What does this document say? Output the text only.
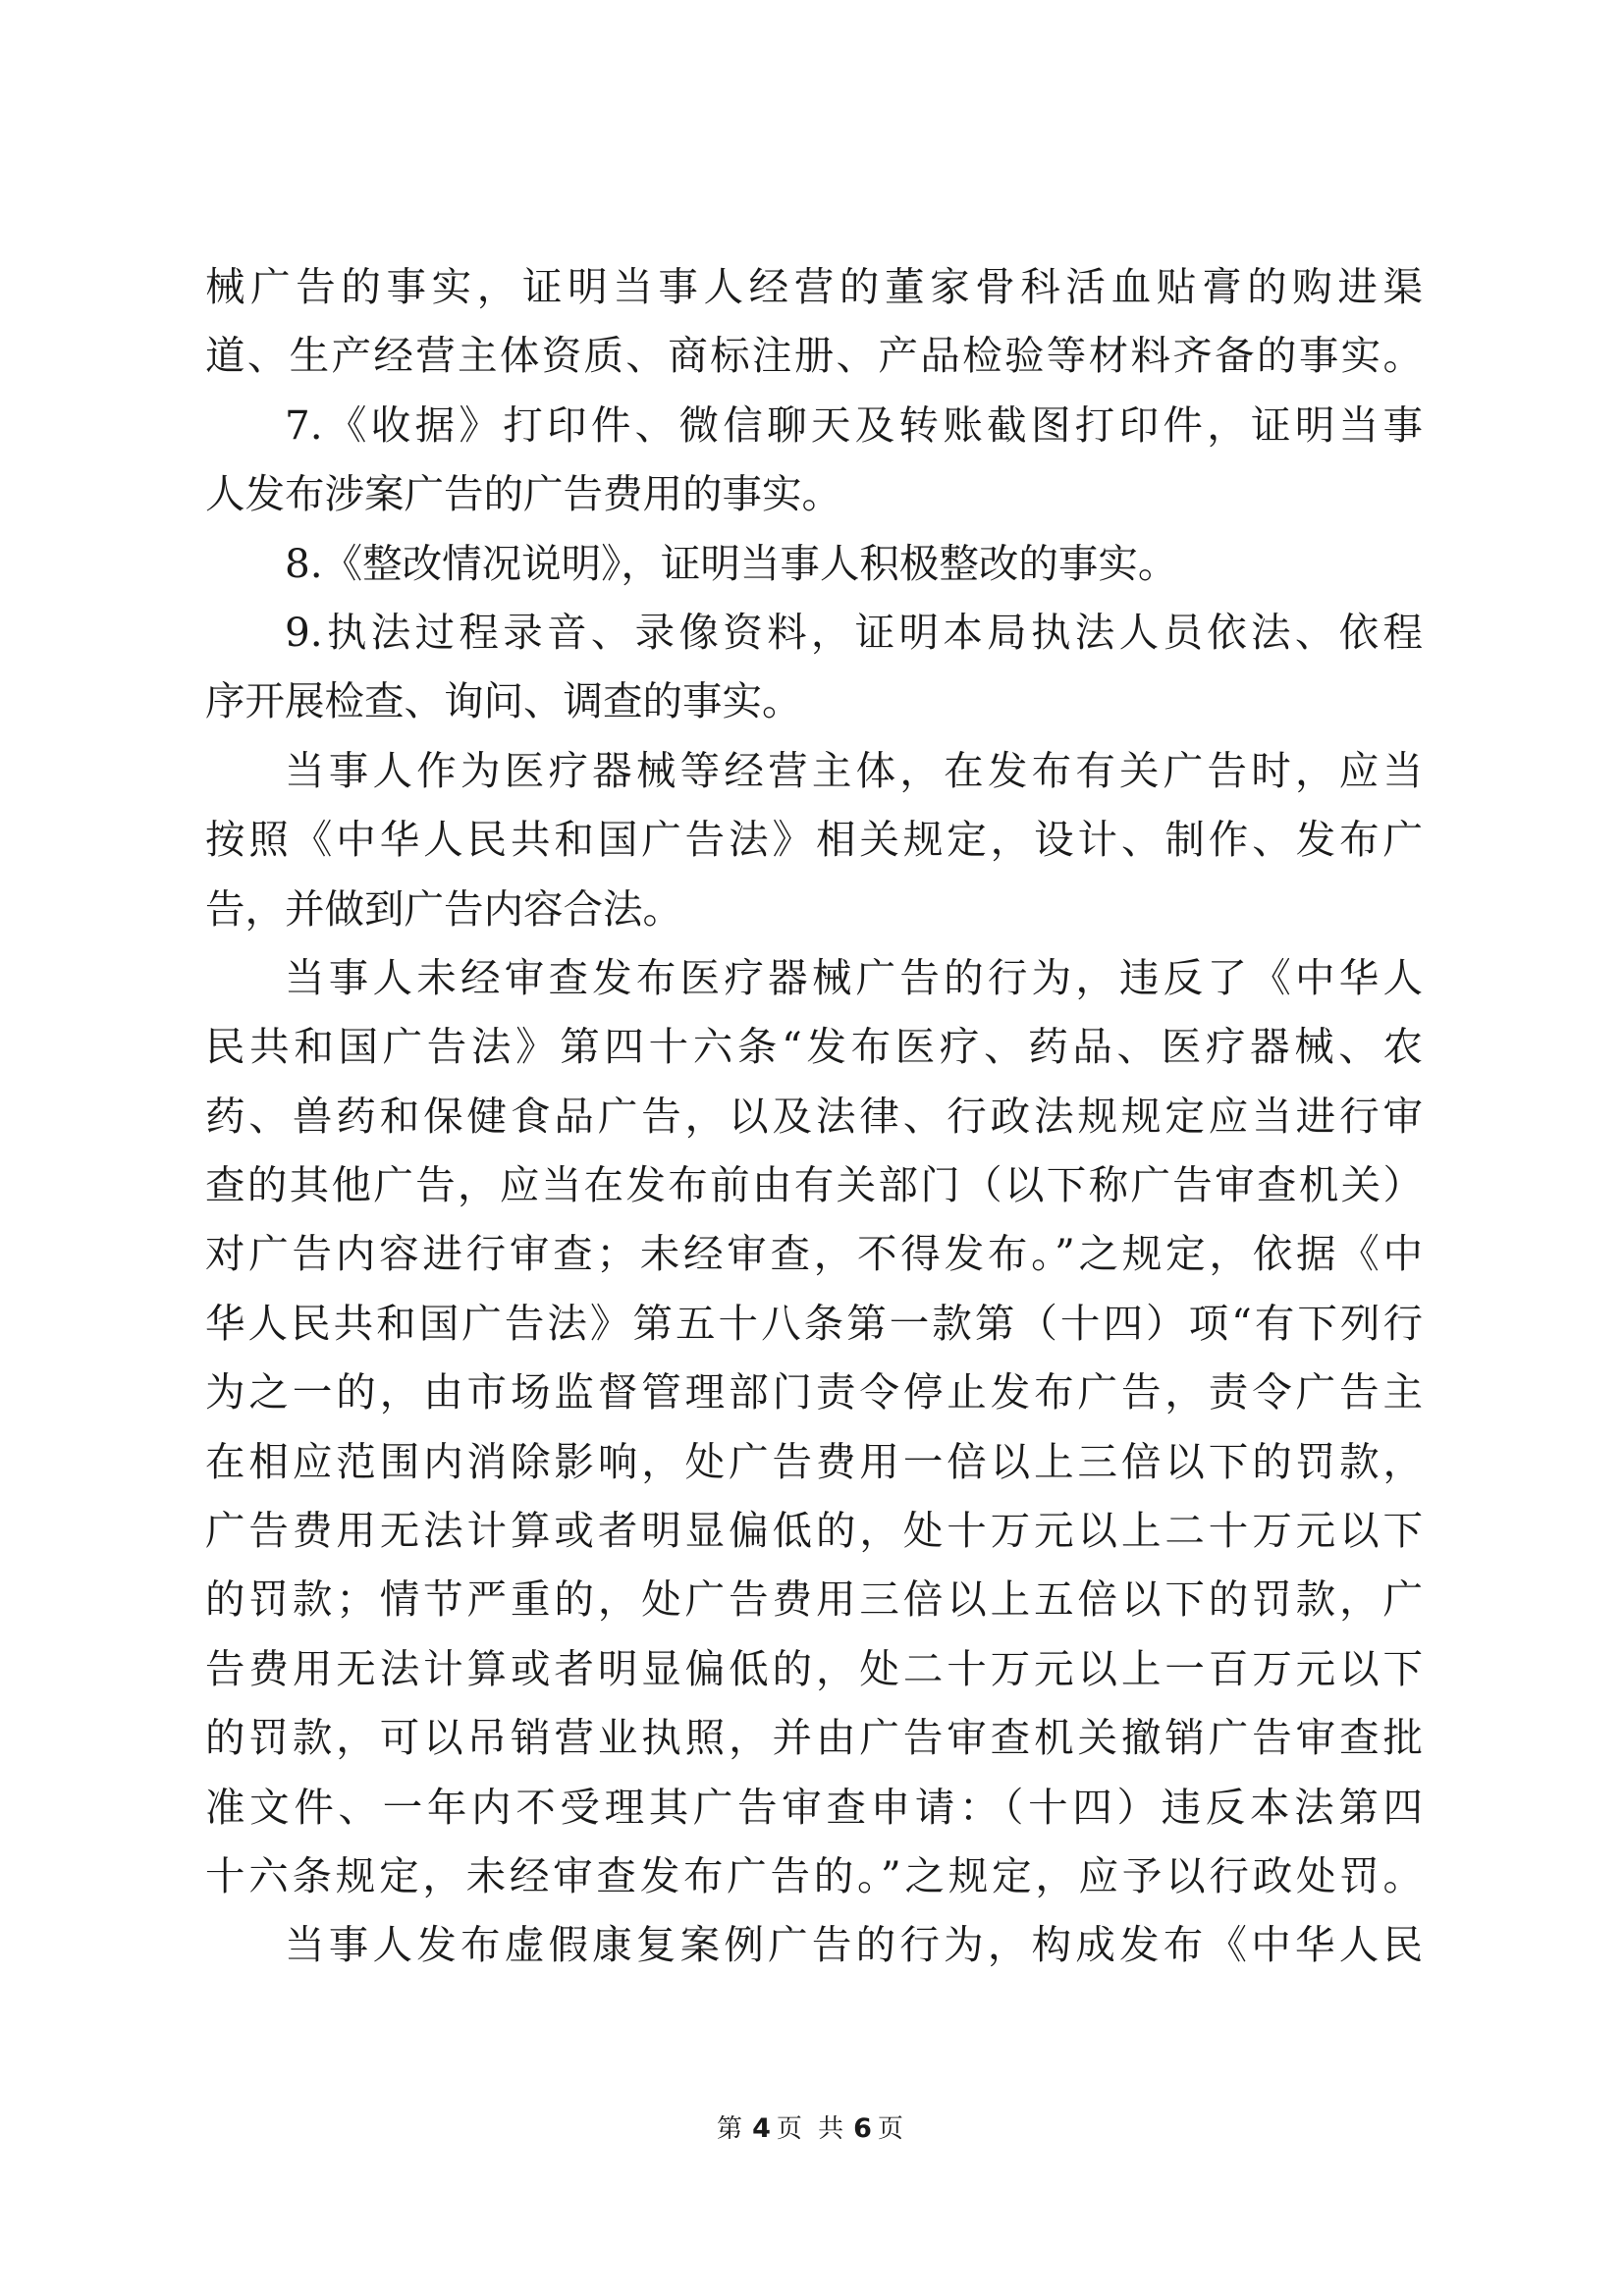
械广告的事实，证明当事人经营的董家骨科活血贴膏的购进渠
道、生产经营主体资质、商标注册、产品检验等材料齐备的事实。
7.《收据》打印件、微信聊天及转账截图打印件，证明当事
人发布涉案广告的广告费用的事实。
8.《整改情况说明》，证明当事人积极整改的事实。
9.执法过程录音、录像资料，证明本局执法人员依法、依程
序开展检查、询问、调查的事实。
当事人作为医疗器械等经营主体，在发布有关广告时，应当
按照《中华人民共和国广告法》相关规定，设计、制作、发布广
告，并做到广告内容合法。
当事人未经审查发布医疗器械广告的行为，违反了《中华人
民共和国广告法》第四十六条“发布医疗、药品、医疗器械、农
药、兽药和保健食品广告，以及法律、行政法规规定应当进行审
查的其他广告，应当在发布前由有关部门（以下称广告审查机关）
对广告内容进行审查；未经审查，不得发布。”之规定，依据《中
华人民共和国广告法》第五十八条第一款第（十四）项“有下列行
为之一的，由市场监督管理部门责令停止发布广告，责令广告主
在相应范围内消除影响，处广告费用一倍以上三倍以下的罚款，
广告费用无法计算或者明显偏低的，处十万元以上二十万元以下
的罚款；情节严重的，处广告费用三倍以上五倍以下的罚款，广
告费用无法计算或者明显偏低的，处二十万元以上一百万元以下
的罚款，可以吊销营业执照，并由广告审查机关撤销广告审查批
准文件、一年内不受理其广告审查申请：（十四）违反本法第四
十六条规定，未经审查发布广告的。”之规定，应予以行政处罚。
当事人发布虚假康复案例广告的行为，构成发布《中华人民
第 4 页 共 6 页
